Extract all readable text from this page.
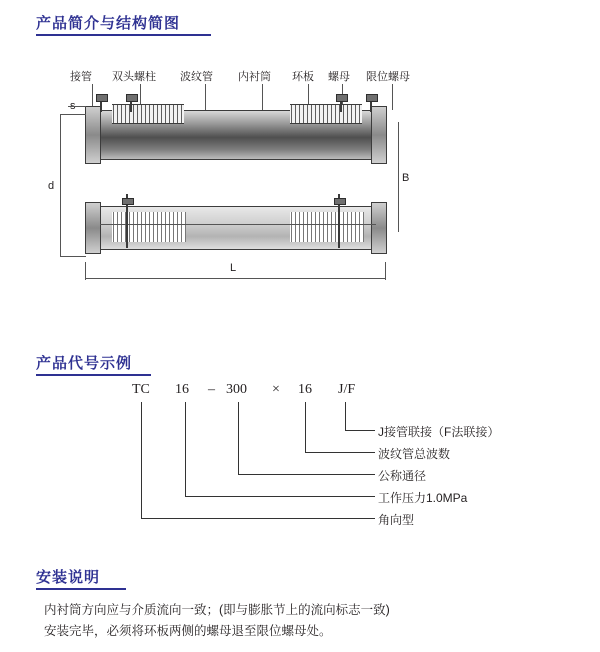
产品简介与结构简图
接管 双头螺柱 波纹管 内衬筒 环板 螺母 限位螺母
d
B
L
产品代号示例
TC 16 – 300 × 16 J/F
J接管联接（F法联接）
波纹管总波数
公称通径
工作压力1.0MPa
角向型
安装说明
内衬筒方向应与介质流向一致；(即与膨胀节上的流向标志一致)
安装完毕，必须将环板两侧的螺母退至限位螺母处。
